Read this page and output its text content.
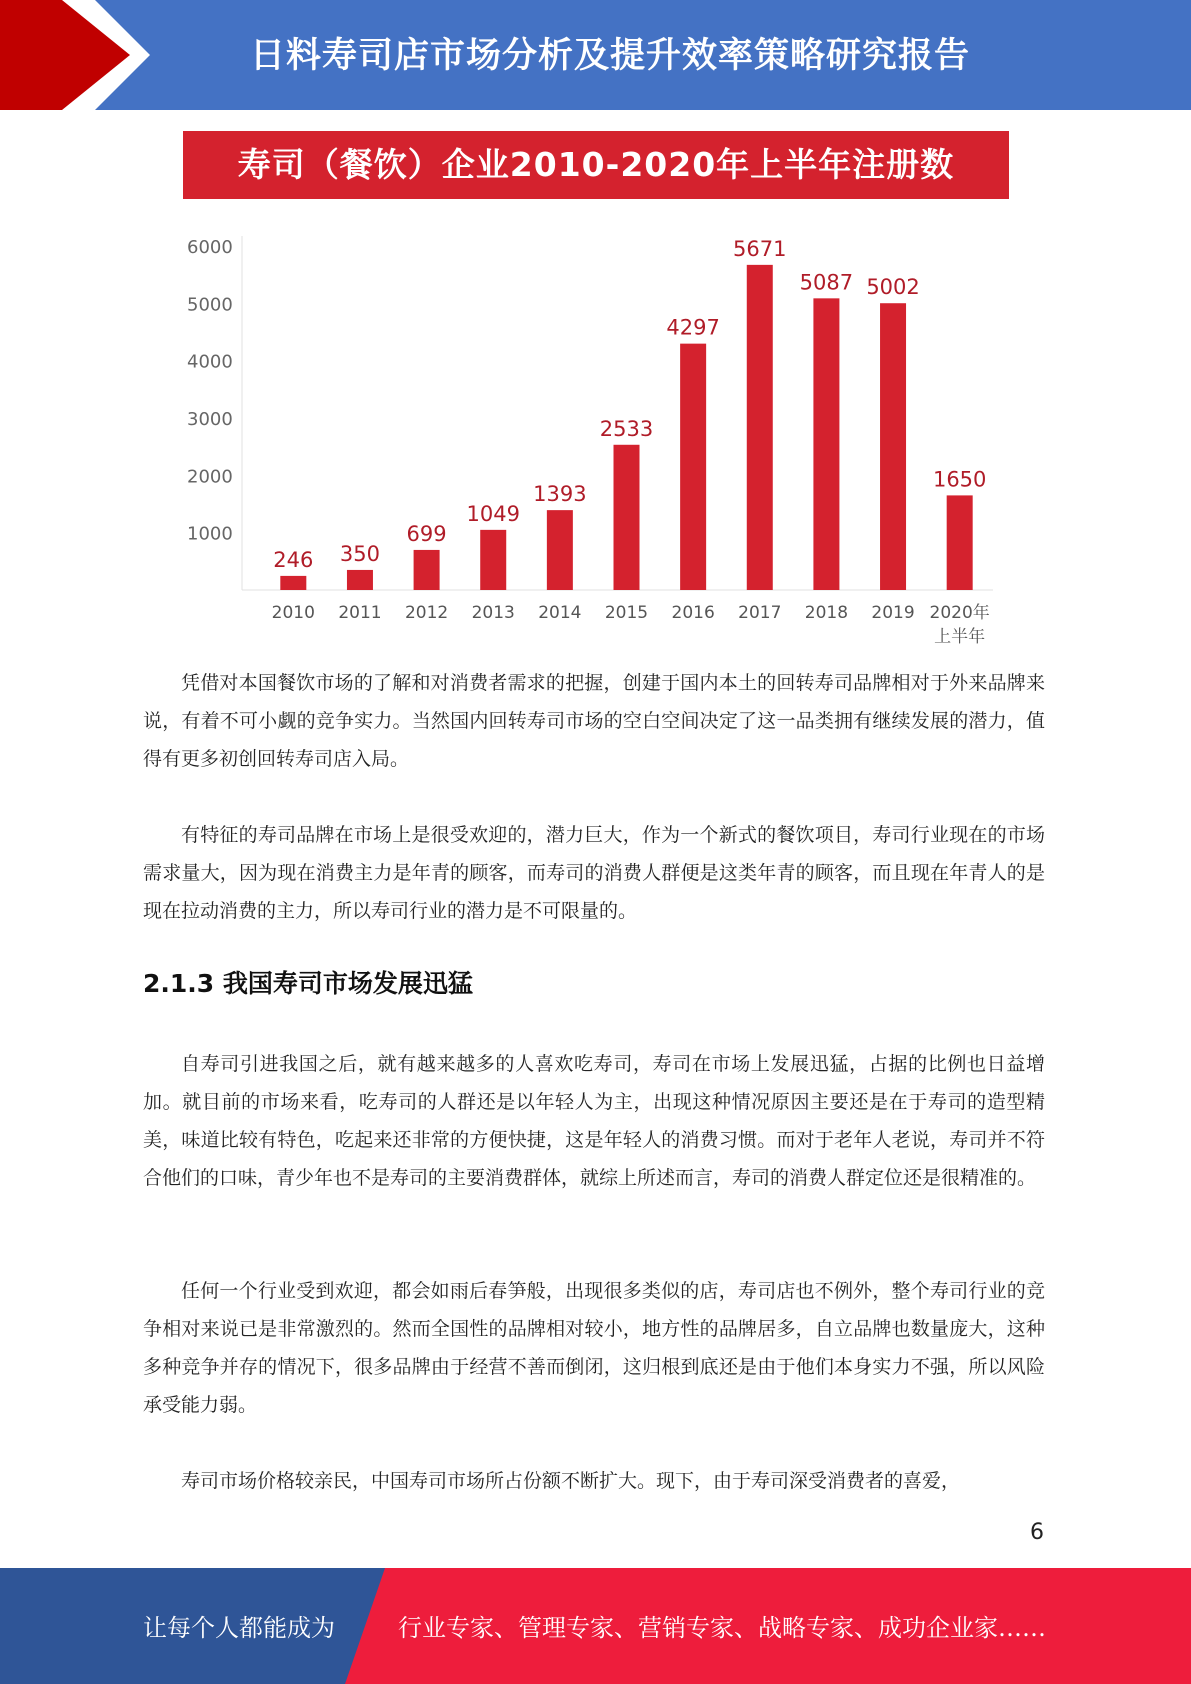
日料寿司店市场分析及提升效率策略研究报告
寿司（餐饮）企业2010-2020年上半年注册数
1000
2000
3000
4000
5000
6000
246
2010
350
2011
699
2012
1049
2013
1393
2014
2533
2015
4297
2016
5671
2017
5087
2018
5002
2019
1650
2020年上半年

凭借对本国餐饮市场的了解和对消费者需求的把握，创建于国内本土的回转寿司品牌相对于外来品牌来说，有着不可小觑的竞争实力。当然国内回转寿司市场的空白空间决定了这一品类拥有继续发展的潜力，值得有更多初创回转寿司店入局。

有特征的寿司品牌在市场上是很受欢迎的，潜力巨大，作为一个新式的餐饮项目，寿司行业现在的市场需求量大，因为现在消费主力是年青的顾客，而寿司的消费人群便是这类年青的顾客，而且现在年青人的是现在拉动消费的主力，所以寿司行业的潜力是不可限量的。

2.1.3 我国寿司市场发展迅猛

自寿司引进我国之后，就有越来越多的人喜欢吃寿司，寿司在市场上发展迅猛，占据的比例也日益增加。就目前的市场来看，吃寿司的人群还是以年轻人为主，出现这种情况原因主要还是在于寿司的造型精美，味道比较有特色，吃起来还非常的方便快捷，这是年轻人的消费习惯。而对于老年人老说，寿司并不符合他们的口味，青少年也不是寿司的主要消费群体，就综上所述而言，寿司的消费人群定位还是很精准的。

任何一个行业受到欢迎，都会如雨后春笋般，出现很多类似的店，寿司店也不例外，整个寿司行业的竞争相对来说已是非常激烈的。然而全国性的品牌相对较小，地方性的品牌居多，自立品牌也数量庞大，这种多种竞争并存的情况下，很多品牌由于经营不善而倒闭，这归根到底还是由于他们本身实力不强，所以风险承受能力弱。

寿司市场价格较亲民，中国寿司市场所占份额不断扩大。现下，由于寿司深受消费者的喜爱，

6
让每个人都能成为	行业专家、管理专家、营销专家、战略专家、成功企业家……
